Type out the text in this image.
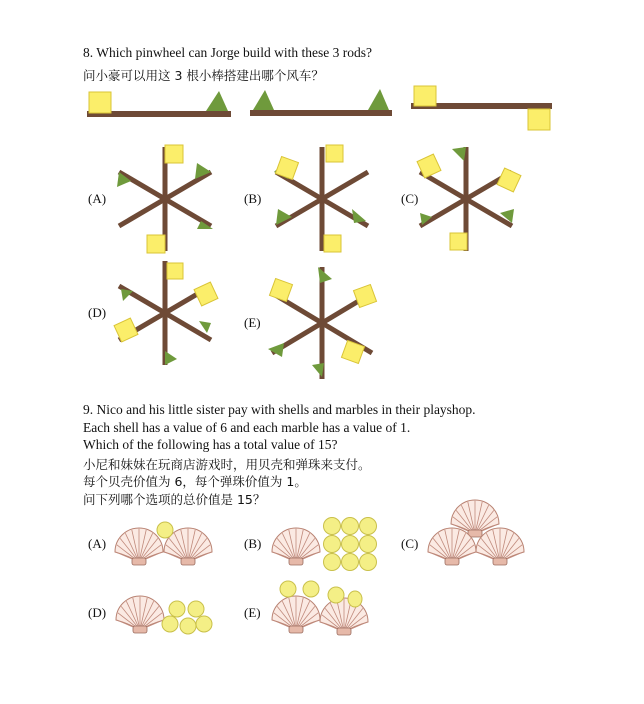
8. Which pinwheel can Jorge build with these 3 rods?
问小豪可以用这 3 根小棒搭建出哪个风车？
(A)	(B)	(C)
(D)
(E)
9. Nico and his little sister pay with shells and marbles in their playshop.
Each shell has a value of 6 and each marble has a value of 1.
Which of the following has a total value of 15?
小尼和妹妹在玩商店游戏时，用贝壳和弹珠来支付。
每个贝壳价值为 6，每个弹珠价值为 1。
问下列哪个选项的总价值是 15？
(A)	(B)	(C)
(D)	(E)
